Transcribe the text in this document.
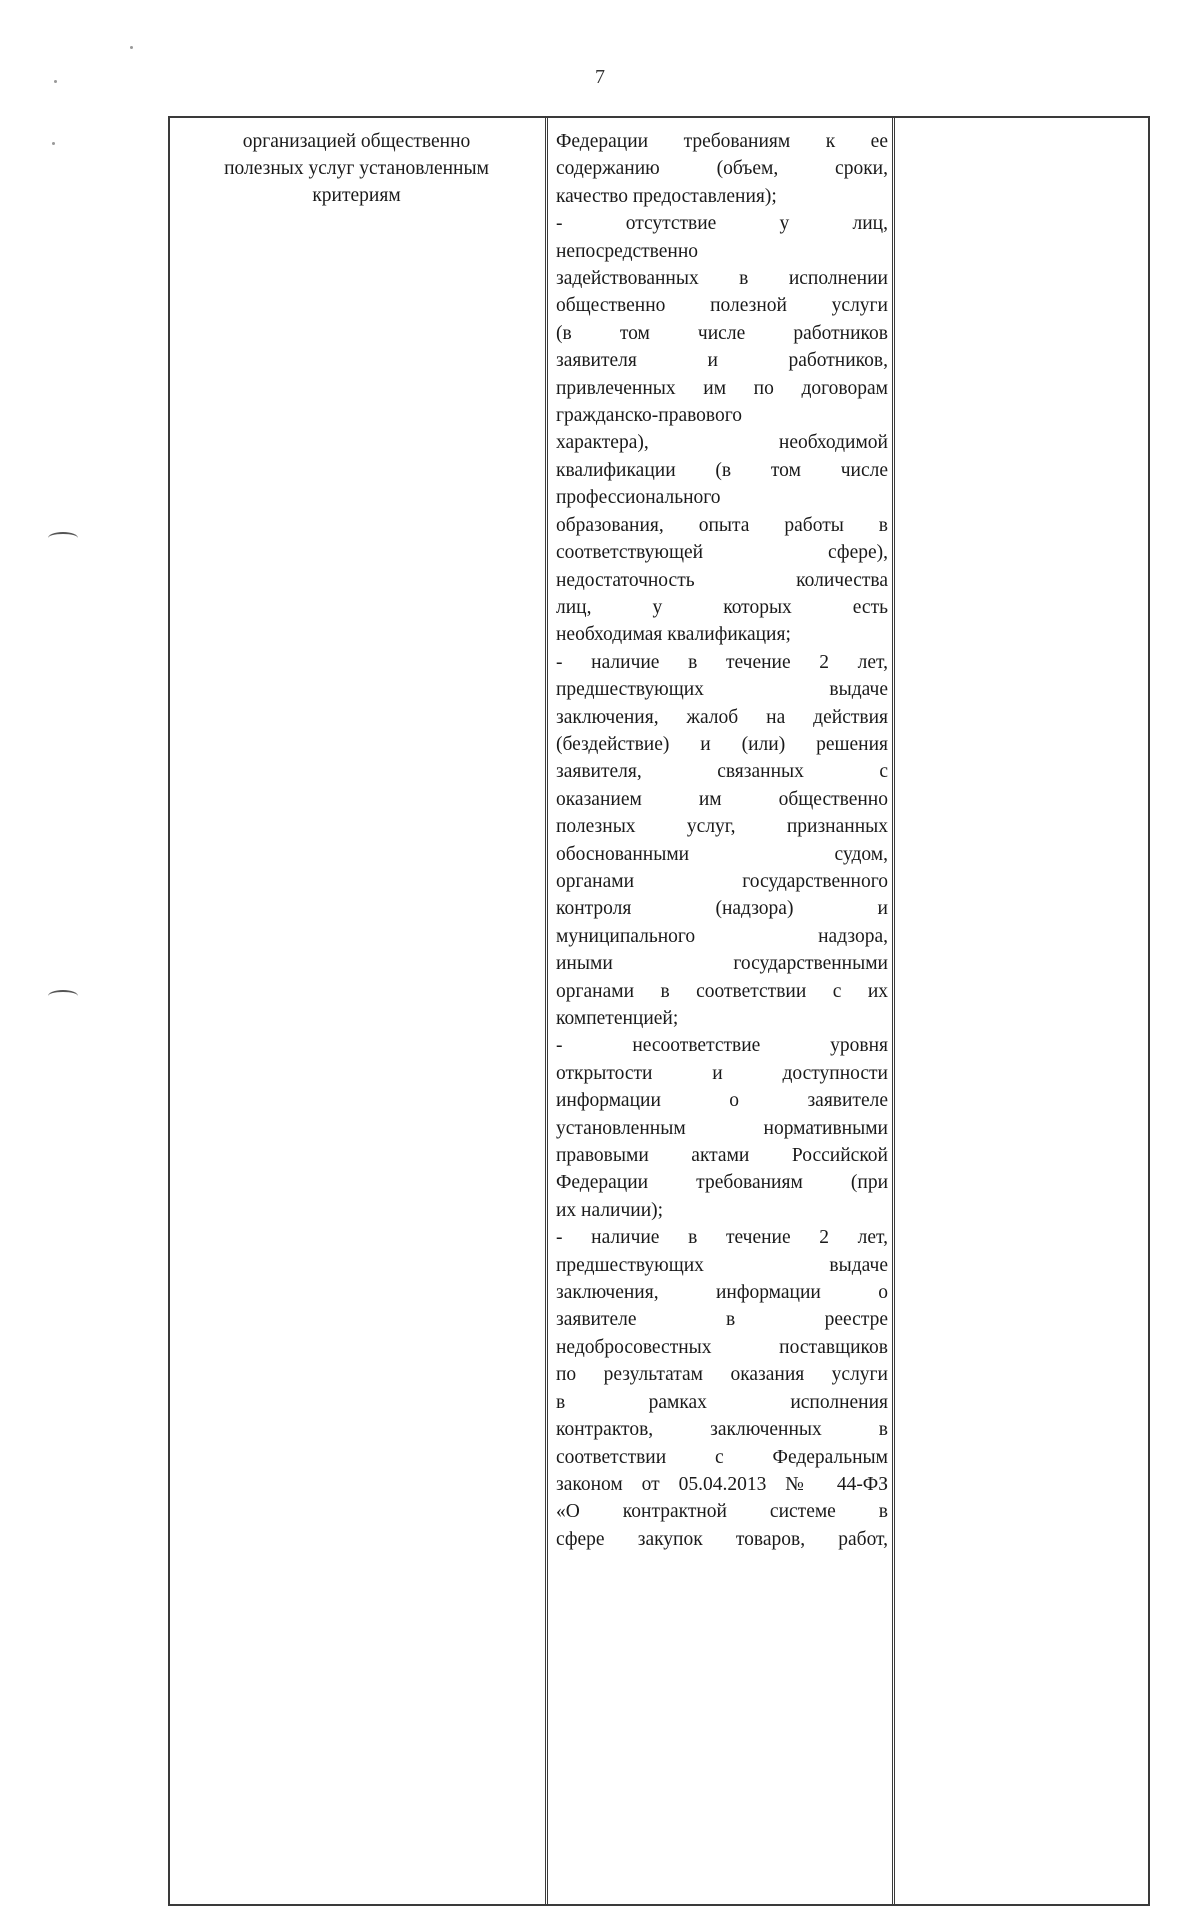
7
организацией общественно
полезных услуг установленным
критериям
Федерации требованиям к ее
содержанию (объем, сроки,
качество предоставления);
- отсутствие у лиц,
непосредственно
задействованных в исполнении
общественно полезной услуги
(в том числе работников
заявителя и работников,
привлеченных им по договорам
гражданско-правового
характера), необходимой
квалификации (в том числе
профессионального
образования, опыта работы в
соответствующей сфере),
недостаточность количества
лиц, у которых есть
необходимая квалификация;
- наличие в течение 2 лет,
предшествующих выдаче
заключения, жалоб на действия
(бездействие) и (или) решения
заявителя, связанных с
оказанием им общественно
полезных услуг, признанных
обоснованными судом,
органами государственного
контроля (надзора) и
муниципального надзора,
иными государственными
органами в соответствии с их
компетенцией;
- несоответствие уровня
открытости и доступности
информации о заявителе
установленным нормативными
правовыми актами Российской
Федерации требованиям (при
их наличии);
- наличие в течение 2 лет,
предшествующих выдаче
заключения, информации о
заявителе в реестре
недобросовестных поставщиков
по результатам оказания услуги
в рамках исполнения
контрактов, заключенных в
соответствии с Федеральным
законом от 05.04.2013 № 44-ФЗ
«О контрактной системе в
сфере закупок товаров, работ,
